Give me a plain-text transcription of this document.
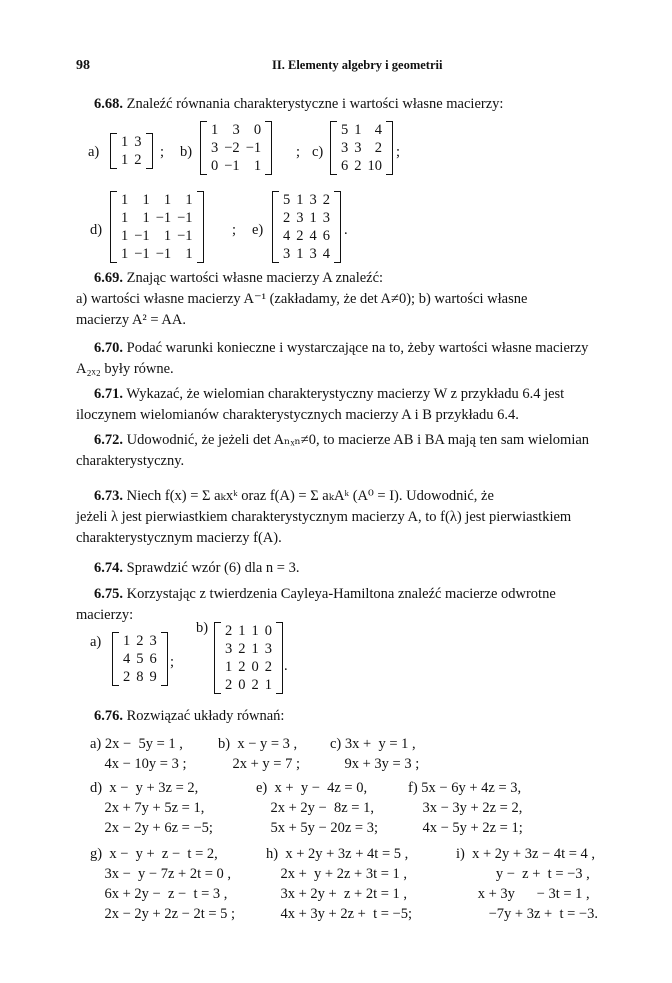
98	II. Elementy algebry i geometrii
6.68. Znaleźć równania charakterystyczne i wartości własne macierzy:
a)
1	3
1	2 ; b)
1	3	0
3	−2	−1
0	−1	1
; c)
5	1	4
3	3	2
6	2	10
;
d)
1	1	1	1
1	1	−1	−1
1	−1	1	−1
1	−1	−1	1
; e)
5	1	3	2
2	3	1	3
4	2	4	6
3	1	3	4
.
6.69. Znając wartości własne macierzy A znaleźć:
a) wartości własne macierzy A⁻¹ (zakładamy, że det A≠0); b) wartości własne
macierzy A² = AA.
6.70. Podać warunki konieczne i wystarczające na to, żeby wartości własne macierzy
A₂ₓ₂ były równe.
6.71. Wykazać, że wielomian charakterystyczny macierzy W z przykładu 6.4 jest
iloczynem wielomianów charakterystycznych macierzy A i B przykładu 6.4.
6.72. Udowodnić, że jeżeli det Aₙₓₙ≠0, to macierze AB i BA mają ten sam wielomian
charakterystyczny.
6.73. Niech f(x) = Σ aₖxᵏ oraz f(A) = Σ aₖAᵏ (A⁰ = I). Udowodnić, że
jeżeli λ jest pierwiastkiem charakterystycznym macierzy A, to f(λ) jest pierwiastkiem
charakterystycznym macierzy f(A).
6.74. Sprawdzić wzór (6) dla n = 3.
6.75. Korzystając z twierdzenia Cayleya-Hamiltona znaleźć macierze odwrotne
macierzy:
a) 1	2	3
4	5	6
2	8	9
;
b) 2	1	1	0
3	2	1	3
1	2	0	2
2	0	2	1
.
6.76. Rozwiązać układy równań:
a) 2x −  5y = 1 ,
4x − 10y = 3 ;
b)  x − y = 3 ,
2x + y = 7 ;
c) 3x +  y = 1 ,
9x + 3y = 3 ;
d)  x −  y + 3z = 2,
2x + 7y + 5z = 1,
2x − 2y + 6z = −5;
e)  x +  y −  4z = 0,
2x + 2y −  8z = 1,
5x + 5y − 20z = 3;
f) 5x − 6y + 4z = 3,
3x − 3y + 2z = 2,
4x − 5y + 2z = 1;
g)  x −  y +  z −  t = 2,
3x −  y − 7z + 2t = 0 ,
6x + 2y −  z −  t = 3 ,
2x − 2y + 2z − 2t = 5 ;
h)  x + 2y + 3z + 4t = 5 ,
2x +  y + 2z + 3t = 1 ,
3x + 2y +  z + 2t = 1 ,
4x + 3y + 2z +  t = −5;
i)  x + 2y + 3z − 4t = 4 ,
y −  z +  t = −3 ,
x + 3y      − 3t = 1 ,
−7y + 3z +  t = −3.
